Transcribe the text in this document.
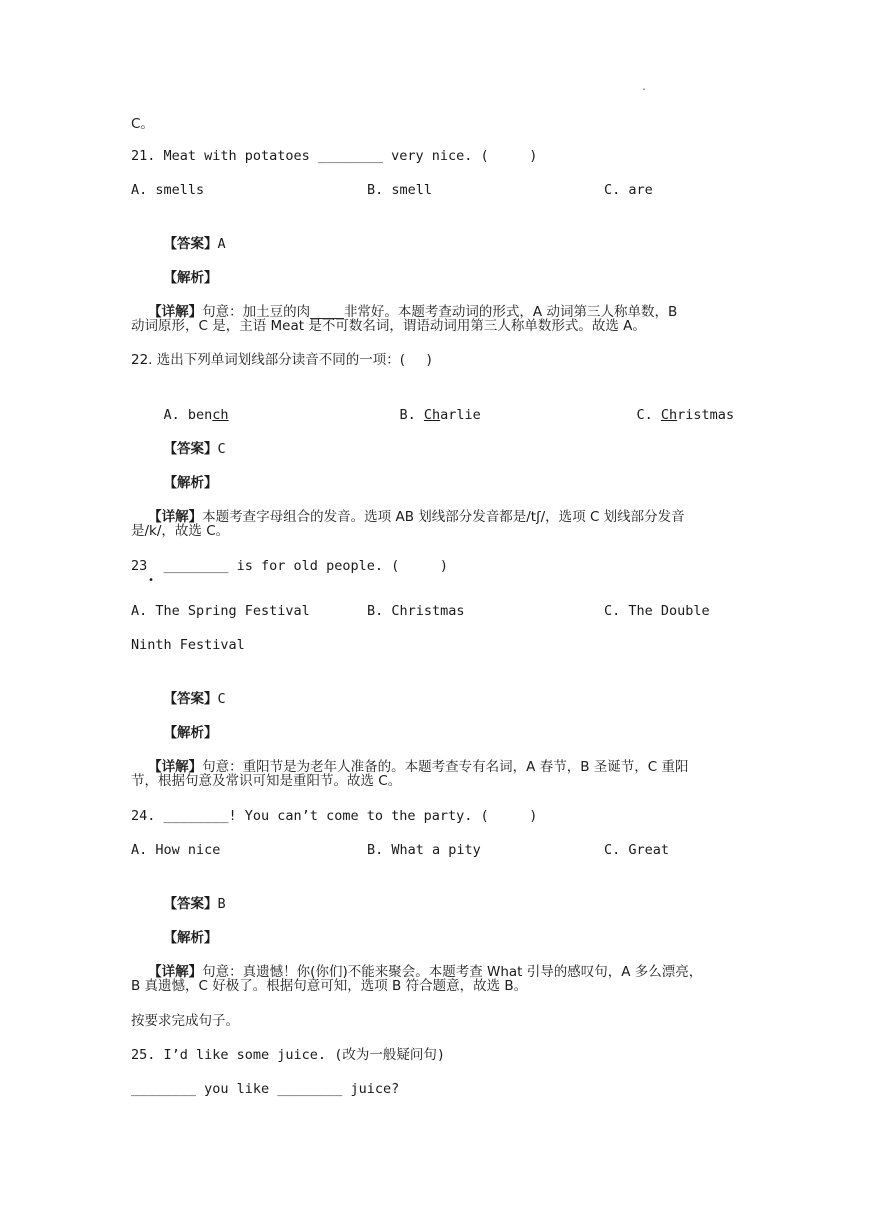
.
C。
21. Meat with potatoes ________ very nice. (     )
A. smells	B. smell	C. are

【答案】A

【解析】

【详解】句意：加土豆的肉_____非常好。本题考查动词的形式，A 动词第三人称单数，B

动词原形，C 是，主语 Meat 是不可数名词，谓语动词用第三人称单数形式。故选 A。
22. 选出下列单词划线部分读音不同的一项：(     )

A. bench
	B. Charlie
	C. Christmas

【答案】C

【解析】

【详解】本题考查字母组合的发音。选项 AB 划线部分发音都是/tʃ/，选项 C 划线部分发音

是/k/，故选 C。
23  ________ is for old people. (     )
•
A. The Spring Festival	B. Christmas	C. The Double
Ninth Festival

【答案】C

【解析】

【详解】句意：重阳节是为老年人准备的。本题考查专有名词，A 春节，B 圣诞节，C 重阳

节，根据句意及常识可知是重阳节。故选 C。
24. ________! You can’t come to the party. (     )
A. How nice	B. What a pity	C. Great

【答案】B

【解析】

【详解】句意：真遗憾！你(你们)不能来聚会。本题考查 What 引导的感叹句，A 多么漂亮，

B 真遗憾，C 好极了。根据句意可知，选项 B 符合题意，故选 B。
按要求完成句子。
25. I’d like some juice. (改为一般疑问句)
________ you like ________ juice?
